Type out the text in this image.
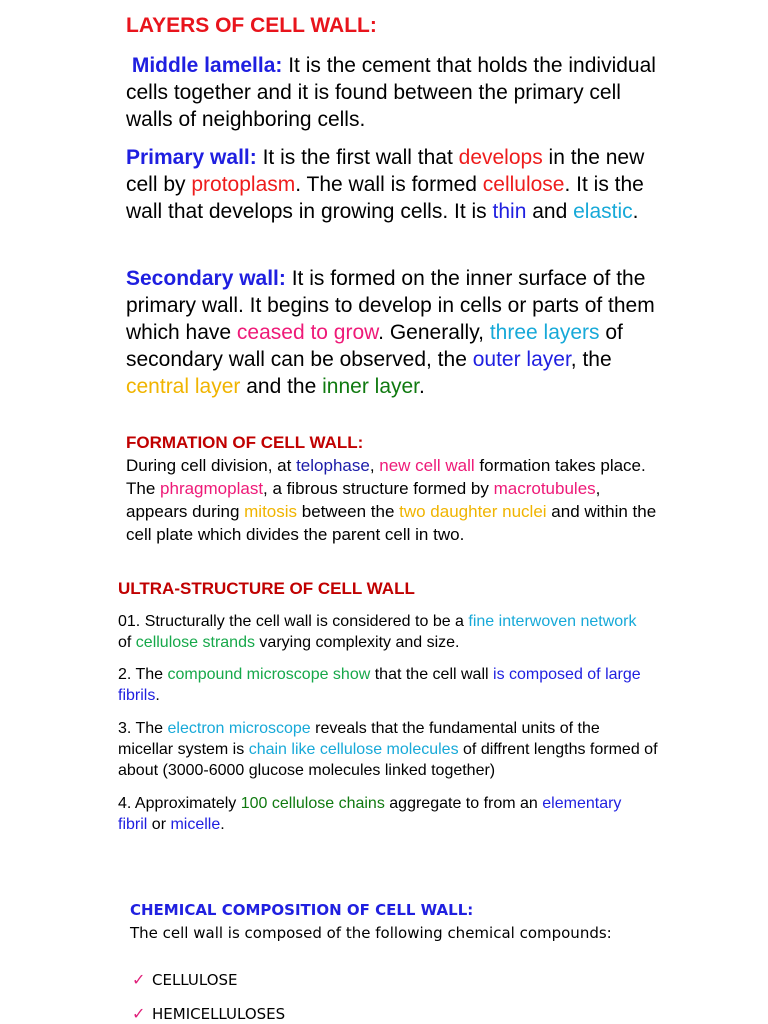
LAYERS OF CELL WALL:

Middle lamella: It is the cement that holds the individual cells together and it is found between the primary cell walls of neighboring cells.

Primary wall: It is the first wall that develops in the new cell by protoplasm. The wall is formed cellulose. It is the wall that develops in growing cells. It is thin and elastic.

Secondary wall: It is formed on the inner surface of the primary wall. It begins to develop in cells or parts of them which have ceased to grow. Generally, three layers of secondary wall can be observed, the outer layer, the central layer and the inner layer.

FORMATION OF CELL WALL:

During cell division, at telophase, new cell wall formation takes place. The phragmoplast, a fibrous structure formed by macrotubules, appears during mitosis between the two daughter nuclei and within the cell plate which divides the parent cell in two.

ULTRA-STRUCTURE OF CELL WALL

01. Structurally the cell wall is considered to be a fine interwoven network of cellulose strands varying complexity and size.

2. The compound microscope show that the cell wall is composed of large fibrils.

3. The electron microscope reveals that the fundamental units of the micellar system is chain like cellulose molecules of diffrent lengths formed of about (3000-6000 glucose molecules linked together)

4. Approximately 100 cellulose chains aggregate to from an elementary fibril or micelle.

CHEMICAL COMPOSITION OF CELL WALL:
The cell wall is composed of the following chemical compounds:
✓ CELLULOSE
✓ HEMICELLULOSES
